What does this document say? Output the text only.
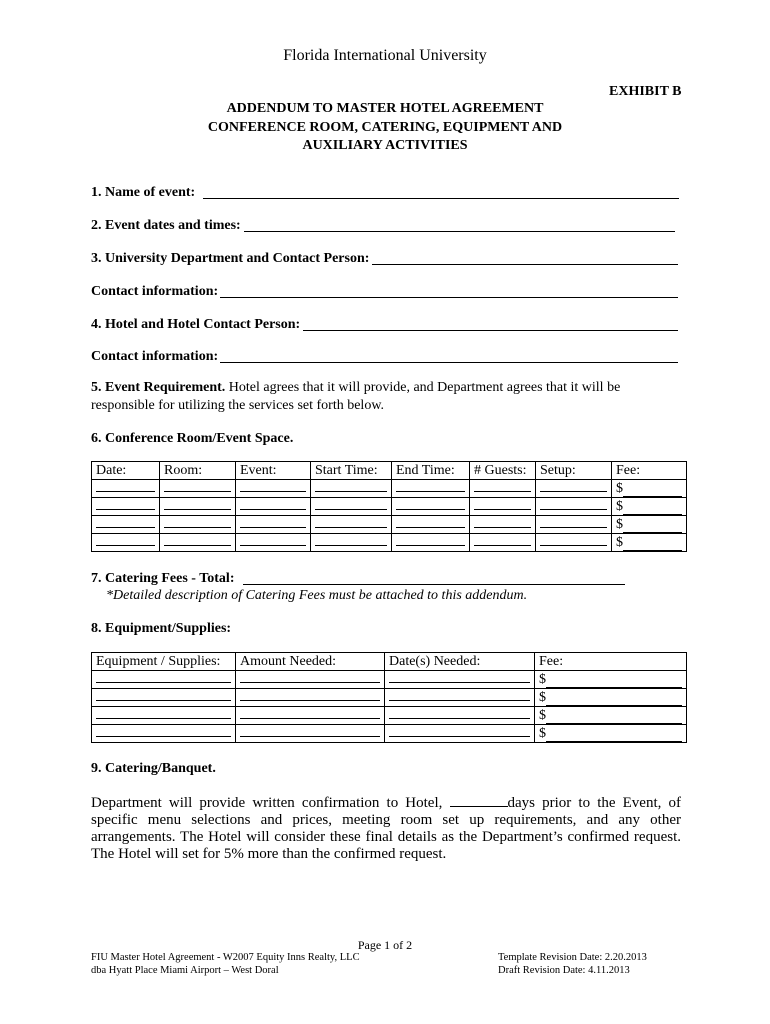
Florida International University
EXHIBIT B
ADDENDUM TO MASTER HOTEL AGREEMENT
CONFERENCE ROOM, CATERING, EQUIPMENT AND
AUXILIARY ACTIVITIES
1. Name of event:
2. Event dates and times:
3. University Department and Contact Person:
Contact information:
4. Hotel and Hotel Contact Person:
Contact information:
5. Event Requirement. Hotel agrees that it will provide, and Department agrees that it will be
responsible for utilizing the services set forth below.
6. Conference Room/Event Space.
Date:	Room:	Event:	Start Time:	End Time:	# Guests:	Setup:	Fee:

							$

							$

							$

							$
7. Catering Fees - Total:
*Detailed description of Catering Fees must be attached to this addendum.
8. Equipment/Supplies:
Equipment / Supplies:	Amount Needed:	Date(s) Needed:	Fee:

			$

			$

			$

			$
9. Catering/Banquet.
Department will provide written confirmation to Hotel,	days prior to the Event, of specific menu selections and prices, meeting room set up requirements, and any other arrangements. The Hotel will consider these final details as the Department’s confirmed request. The Hotel will set for 5% more than the confirmed request.
Page 1 of 2
FIU Master Hotel Agreement - W2007 Equity Inns Realty, LLC
dba Hyatt Place Miami Airport – West Doral
Template Revision Date: 2.20.2013
Draft Revision Date: 4.11.2013
